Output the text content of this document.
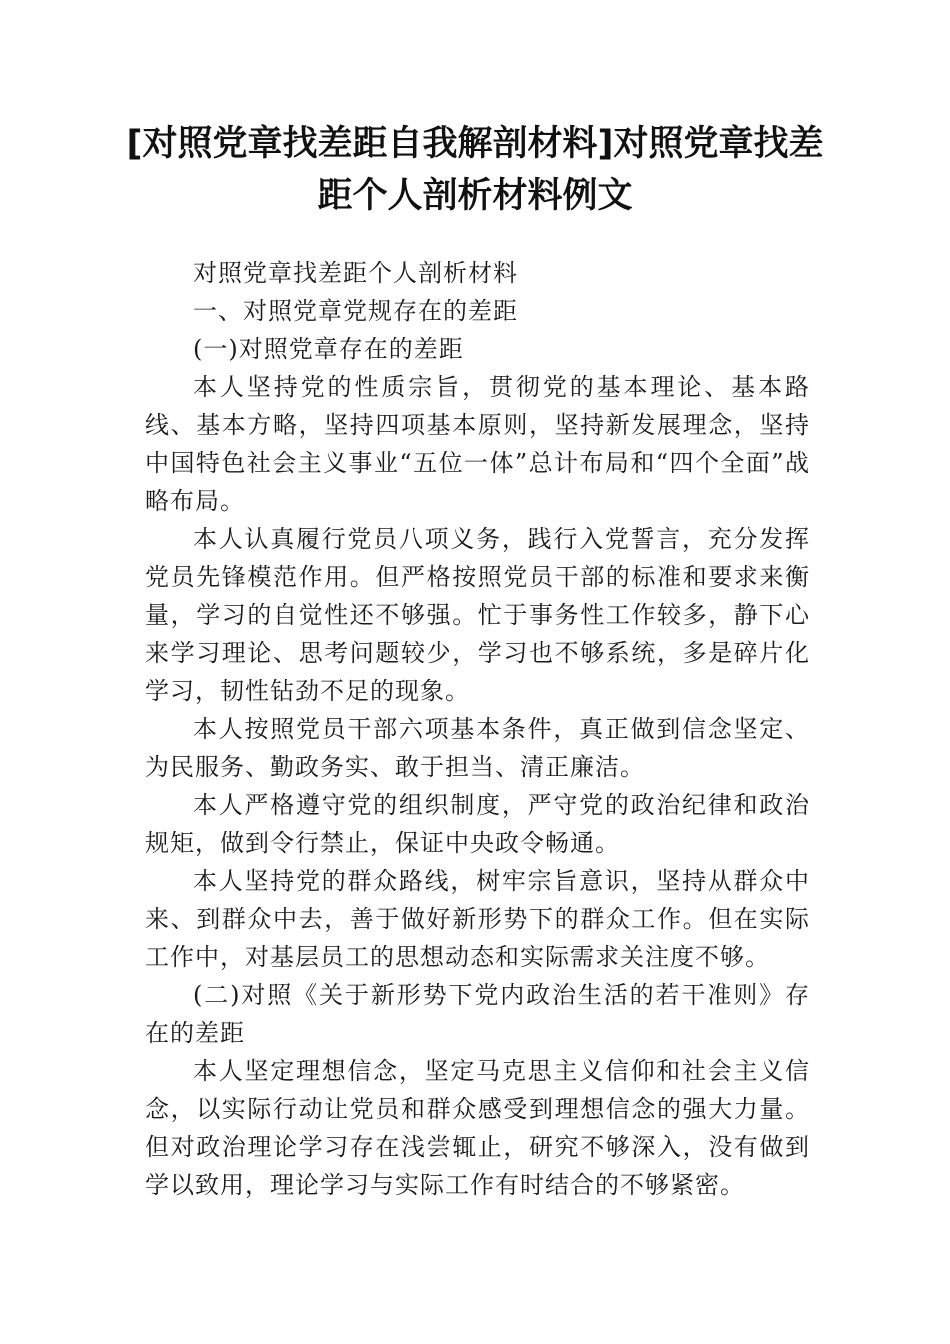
[对照党章找差距自我解剖材料]对照党章找差距个人剖析材料例文

对照党章找差距个人剖析材料

一、对照党章党规存在的差距

(一)对照党章存在的差距

本人坚持党的性质宗旨，贯彻党的基本理论、基本路线、基本方略，坚持四项基本原则，坚持新发展理念，坚持中国特色社会主义事业“五位一体”总计布局和“四个全面”战略布局。

本人认真履行党员八项义务，践行入党誓言，充分发挥党员先锋模范作用。但严格按照党员干部的标准和要求来衡量，学习的自觉性还不够强。忙于事务性工作较多，静下心来学习理论、思考问题较少，学习也不够系统，多是碎片化学习，韧性钻劲不足的现象。

本人按照党员干部六项基本条件，真正做到信念坚定、为民服务、勤政务实、敢于担当、清正廉洁。

本人严格遵守党的组织制度，严守党的政治纪律和政治规矩，做到令行禁止，保证中央政令畅通。

本人坚持党的群众路线，树牢宗旨意识，坚持从群众中来、到群众中去，善于做好新形势下的群众工作。但在实际工作中，对基层员工的思想动态和实际需求关注度不够。

(二)对照《关于新形势下党内政治生活的若干准则》存在的差距

本人坚定理想信念，坚定马克思主义信仰和社会主义信念，以实际行动让党员和群众感受到理想信念的强大力量。但对政治理论学习存在浅尝辄止，研究不够深入，没有做到学以致用，理论学习与实际工作有时结合的不够紧密。
